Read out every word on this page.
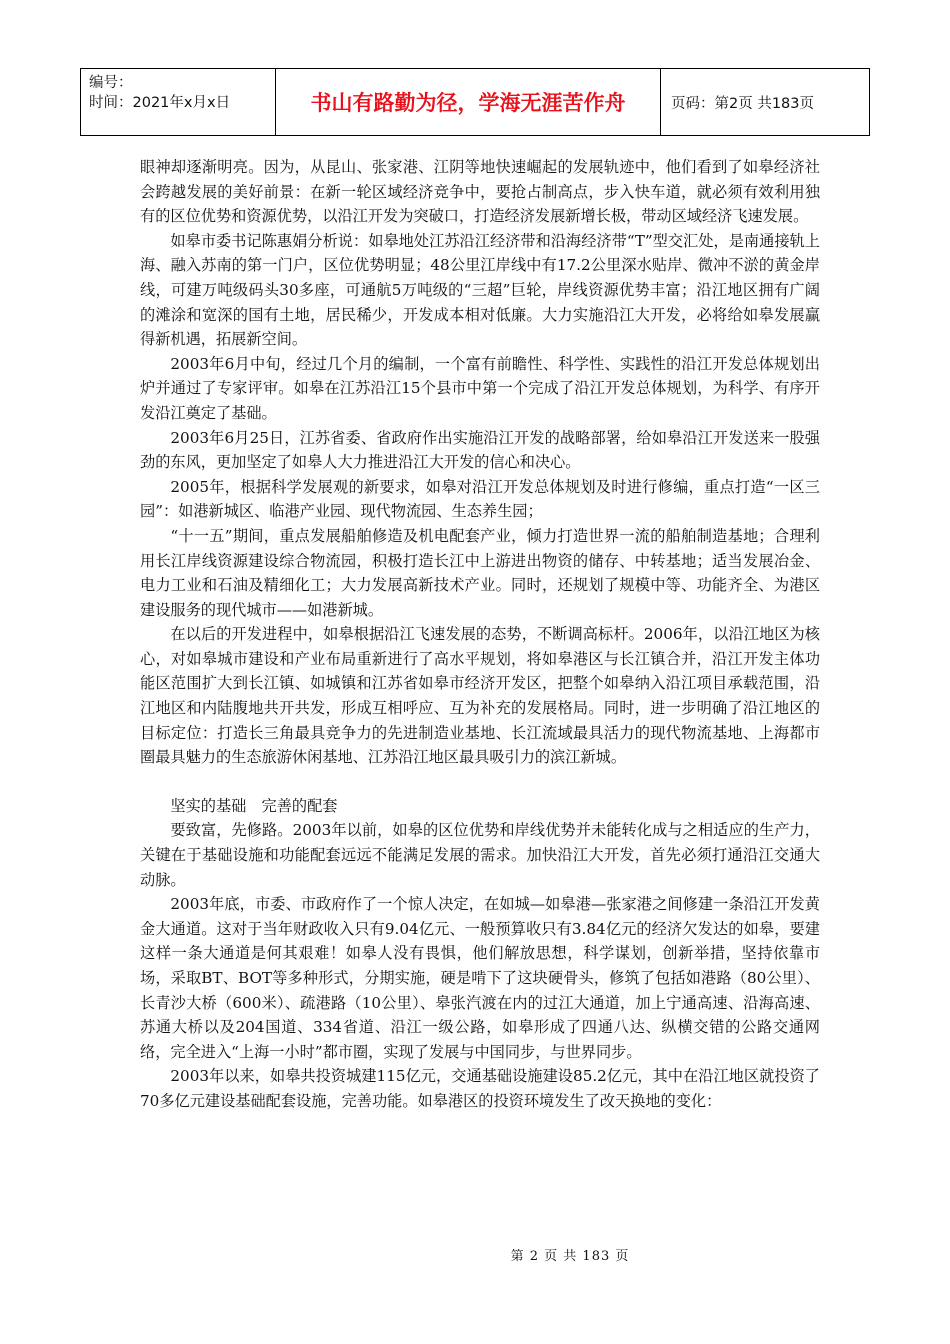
编号：
时间：2021年x月x日	书山有路勤为径，学海无涯苦作舟	页码：第2页 共183页

眼神却逐渐明亮。因为，从昆山、张家港、江阴等地快速崛起的发展轨迹中，他们看到了如皋经济社会跨越发展的美好前景：在新一轮区域经济竞争中，要抢占制高点，步入快车道，就必须有效利用独有的区位优势和资源优势，以沿江开发为突破口，打造经济发展新增长极，带动区域经济飞速发展。

如皋市委书记陈惠娟分析说：如皋地处江苏沿江经济带和沿海经济带“T”型交汇处，是南通接轨上海、融入苏南的第一门户，区位优势明显；48公里江岸线中有17.2公里深水贴岸、微冲不淤的黄金岸线，可建万吨级码头30多座，可通航5万吨级的“三超”巨轮，岸线资源优势丰富；沿江地区拥有广阔的滩涂和宽深的国有土地，居民稀少，开发成本相对低廉。大力实施沿江大开发，必将给如皋发展赢得新机遇，拓展新空间。

2003年6月中旬，经过几个月的编制，一个富有前瞻性、科学性、实践性的沿江开发总体规划出炉并通过了专家评审。如皋在江苏沿江15个县市中第一个完成了沿江开发总体规划，为科学、有序开发沿江奠定了基础。

2003年6月25日，江苏省委、省政府作出实施沿江开发的战略部署，给如皋沿江开发送来一股强劲的东风，更加坚定了如皋人大力推进沿江大开发的信心和决心。

2005年，根据科学发展观的新要求，如皋对沿江开发总体规划及时进行修编，重点打造“一区三园”：如港新城区、临港产业园、现代物流园、生态养生园；

“十一五”期间，重点发展船舶修造及机电配套产业，倾力打造世界一流的船舶制造基地；合理利用长江岸线资源建设综合物流园，积极打造长江中上游进出物资的储存、中转基地；适当发展冶金、电力工业和石油及精细化工；大力发展高新技术产业。同时，还规划了规模中等、功能齐全、为港区建设服务的现代城市——如港新城。

在以后的开发进程中，如皋根据沿江飞速发展的态势，不断调高标杆。2006年，以沿江地区为核心，对如皋城市建设和产业布局重新进行了高水平规划，将如皋港区与长江镇合并，沿江开发主体功能区范围扩大到长江镇、如城镇和江苏省如皋市经济开发区，把整个如皋纳入沿江项目承载范围，沿江地区和内陆腹地共开共发，形成互相呼应、互为补充的发展格局。同时，进一步明确了沿江地区的目标定位：打造长三角最具竞争力的先进制造业基地、长江流域最具活力的现代物流基地、上海都市圈最具魅力的生态旅游休闲基地、江苏沿江地区最具吸引力的滨江新城。

坚实的基础　完善的配套

要致富，先修路。2003年以前，如皋的区位优势和岸线优势并未能转化成与之相适应的生产力，关键在于基础设施和功能配套远远不能满足发展的需求。加快沿江大开发，首先必须打通沿江交通大动脉。

2003年底，市委、市政府作了一个惊人决定，在如城—如皋港—张家港之间修建一条沿江开发黄金大通道。这对于当年财政收入只有9.04亿元、一般预算收只有3.84亿元的经济欠发达的如皋，要建这样一条大通道是何其艰难！如皋人没有畏惧，他们解放思想，科学谋划，创新举措，坚持依靠市场，采取BT、BOT等多种形式，分期实施，硬是啃下了这块硬骨头，修筑了包括如港路（80公里）、长青沙大桥（600米）、疏港路（10公里）、皋张汽渡在内的过江大通道，加上宁通高速、沿海高速、苏通大桥以及204国道、334省道、沿江一级公路，如皋形成了四通八达、纵横交错的公路交通网络，完全进入“上海一小时”都市圈，实现了发展与中国同步，与世界同步。

2003年以来，如皋共投资城建115亿元，交通基础设施建设85.2亿元，其中在沿江地区就投资了70多亿元建设基础配套设施，完善功能。如皋港区的投资环境发生了改天换地的变化：

第 2 页 共 183 页
